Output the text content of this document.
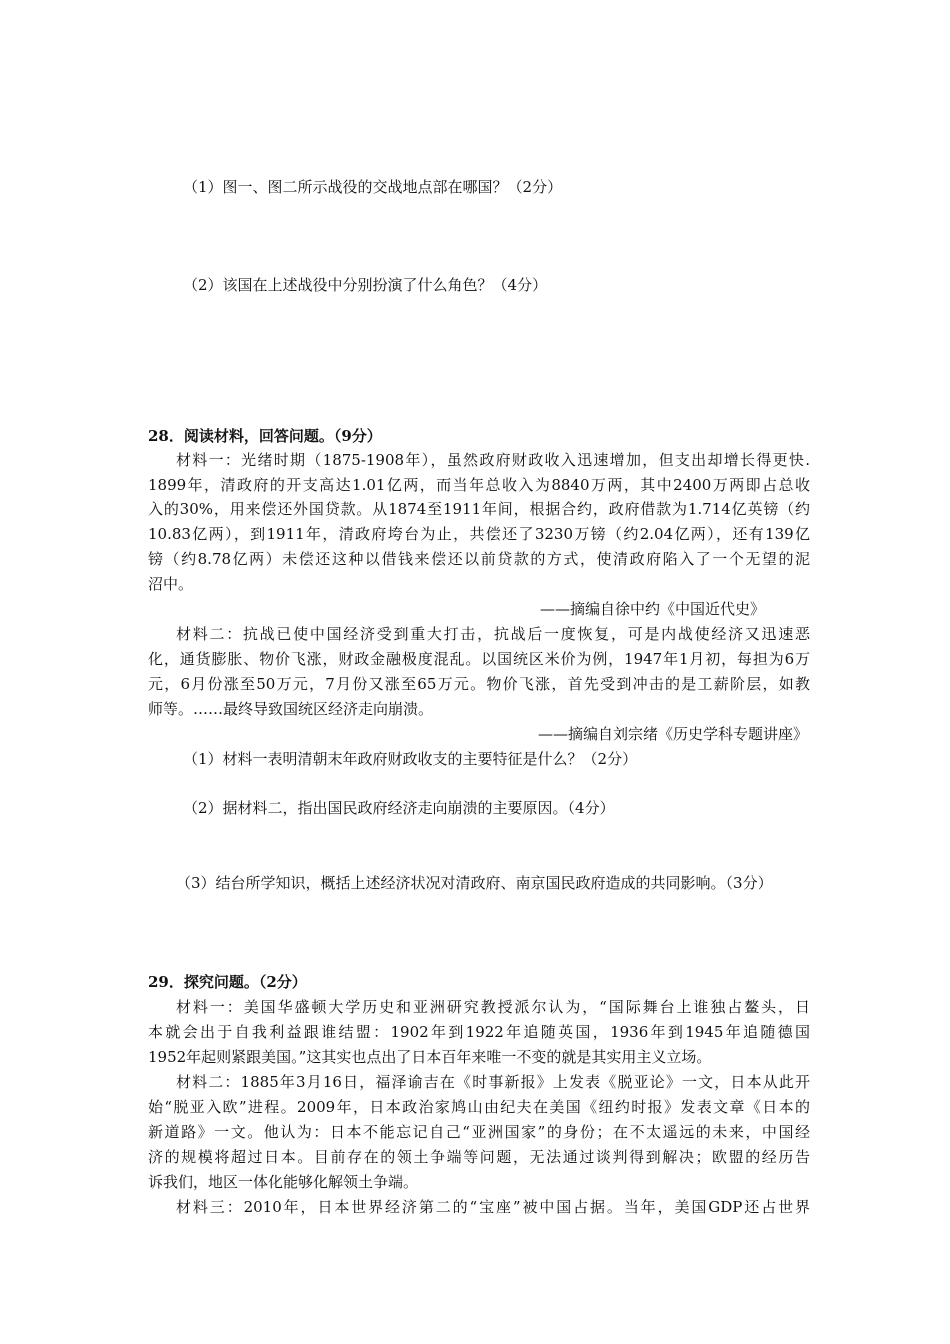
（1）图一、图二所示战役的交战地点部在哪国？（2分）
（2）该国在上述战役中分别扮演了什么角色？（4分）
28．阅读材料，回答问题。（9分）
材料一：光绪时期（1875-1908年），虽然政府财政收入迅速增加，但支出却增长得更快.
1899年，清政府的开支高达1.01亿两，而当年总收入为8840万两，其中2400万两即占总收
入的30%，用来偿还外国贷款。从1874至1911年间，根据合约，政府借款为1.714亿英镑（约
10.83亿两），到1911年，清政府垮台为止，共偿还了3230万镑（约2.04亿两），还有139亿
镑（约8.78亿两）未偿还这种以借钱来偿还以前贷款的方式，使清政府陷入了一个无望的泥
沼中。
——摘编自徐中约《中国近代史》
材料二：抗战已使中国经济受到重大打击，抗战后一度恢复，可是内战使经济又迅速恶
化，通货膨胀、物价飞涨，财政金融极度混乱。以国统区米价为例，1947年1月初，每担为6万
元，6月份涨至50万元，7月份又涨至65万元。物价飞涨，首先受到冲击的是工薪阶层，如教
师等。……最终导致国统区经济走向崩溃。
——摘编自刘宗绪《历史学科专题讲座》
（1）材料一表明清朝末年政府财政收支的主要特征是什么？（2分）
（2）据材料二，指出国民政府经济走向崩溃的主要原因。（4分）
（3）结台所学知识，概括上述经济状况对清政府、南京国民政府造成的共同影响。（3分）
29．探究问题。（2分）
材料一：美国华盛顿大学历史和亚洲研究教授派尔认为，“国际舞台上谁独占鳌头，日
本就会出于自我利益跟谁结盟：1902年到1922年追随英国，1936年到1945年追随德国
1952年起则紧跟美国。”这其实也点出了日本百年来唯一不变的就是其实用主义立场。
材料二：1885年3月16日，福泽谕吉在《时事新报》上发表《脱亚论》一文，日本从此开
始“脱亚入欧”进程。2009年，日本政治家鸠山由纪夫在美国《纽约时报》发表文章《日本的
新道路》一文。他认为：日本不能忘记自己“亚洲国家”的身份；在不太遥远的未来，中国经
济的规模将超过日本。目前存在的领土争端等问题，无法通过谈判得到解决；欧盟的经历告
诉我们，地区一体化能够化解领土争端。
材料三：2010年，日本世界经济第二的“宝座”被中国占据。当年，美国GDP还占世界
